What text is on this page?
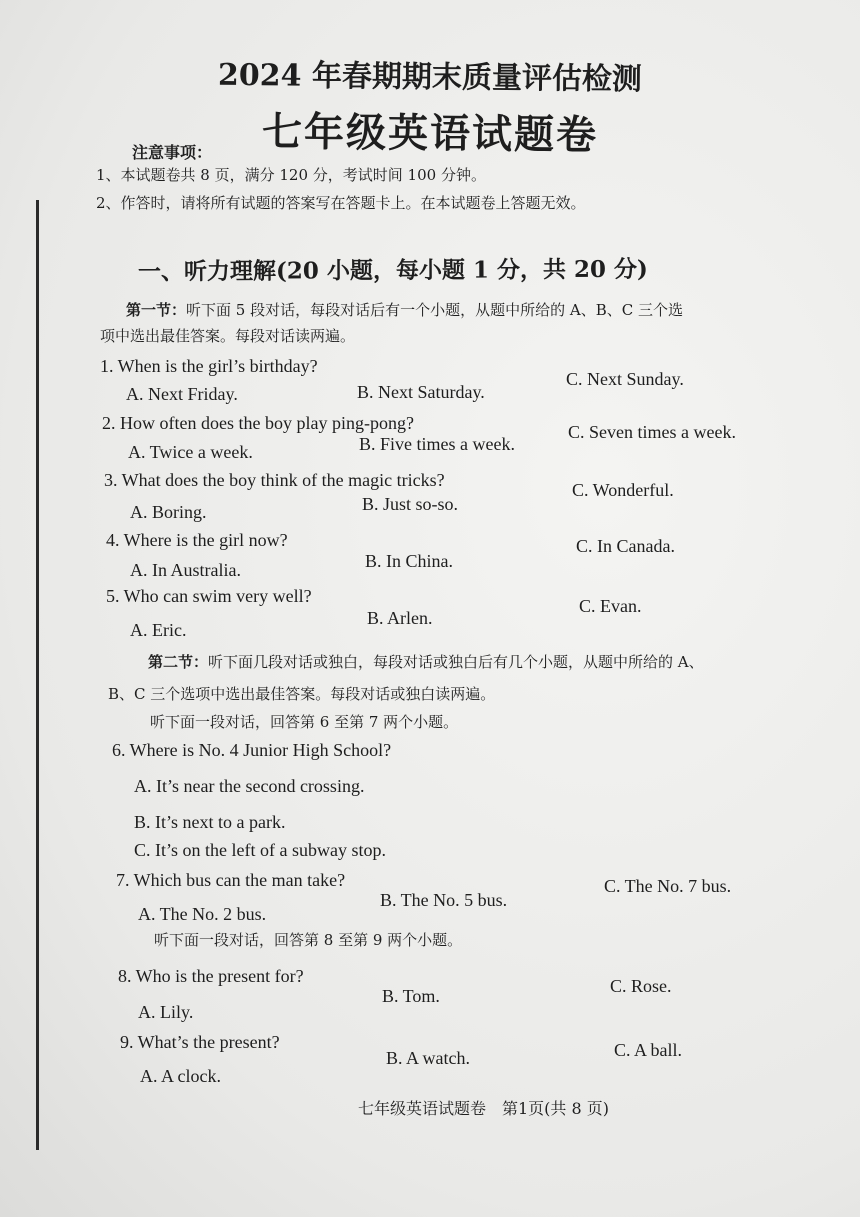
2024 年春期期末质量评估检测
七年级英语试题卷
注意事项：
1、本试题卷共 8 页，满分 120 分，考试时间 100 分钟。
2、作答时，请将所有试题的答案写在答题卡上。在本试题卷上答题无效。
一、听力理解(20 小题，每小题 1 分，共 20 分)
第一节：听下面 5 段对话，每段对话后有一个小题，从题中所给的 A、B、C 三个选
项中选出最佳答案。每段对话读两遍。
1. When is the girl’s birthday?
A. Next Friday.	B. Next Saturday.
C. Next Sunday.
2. How often does the boy play ping-pong?
A. Twice a week.	B. Five times a week.
C. Seven times a week.
3. What does the boy think of the magic tricks?
A. Boring.	B. Just so-so.
C. Wonderful.
4. Where is the girl now?
A. In Australia.	B. In China.
C. In Canada.
5. Who can swim very well?
A. Eric.
B. Arlen.
C. Evan.
第二节：听下面几段对话或独白，每段对话或独白后有几个小题，从题中所给的 A、
B、C 三个选项中选出最佳答案。每段对话或独白读两遍。
听下面一段对话，回答第 6 至第 7 两个小题。
6. Where is No. 4 Junior High School?
A. It’s near the second crossing.
B. It’s next to a park.
C. It’s on the left of a subway stop.
7. Which bus can the man take?
A. The No. 2 bus.
B. The No. 5 bus.
C. The No. 7 bus.
听下面一段对话，回答第 8 至第 9 两个小题。
8. Who is the present for?
A. Lily.
B. Tom.	C. Rose.
9. What’s the present?
A. A clock.
B. A watch.	C. A ball.
七年级英语试题卷　第1页(共 8 页)
